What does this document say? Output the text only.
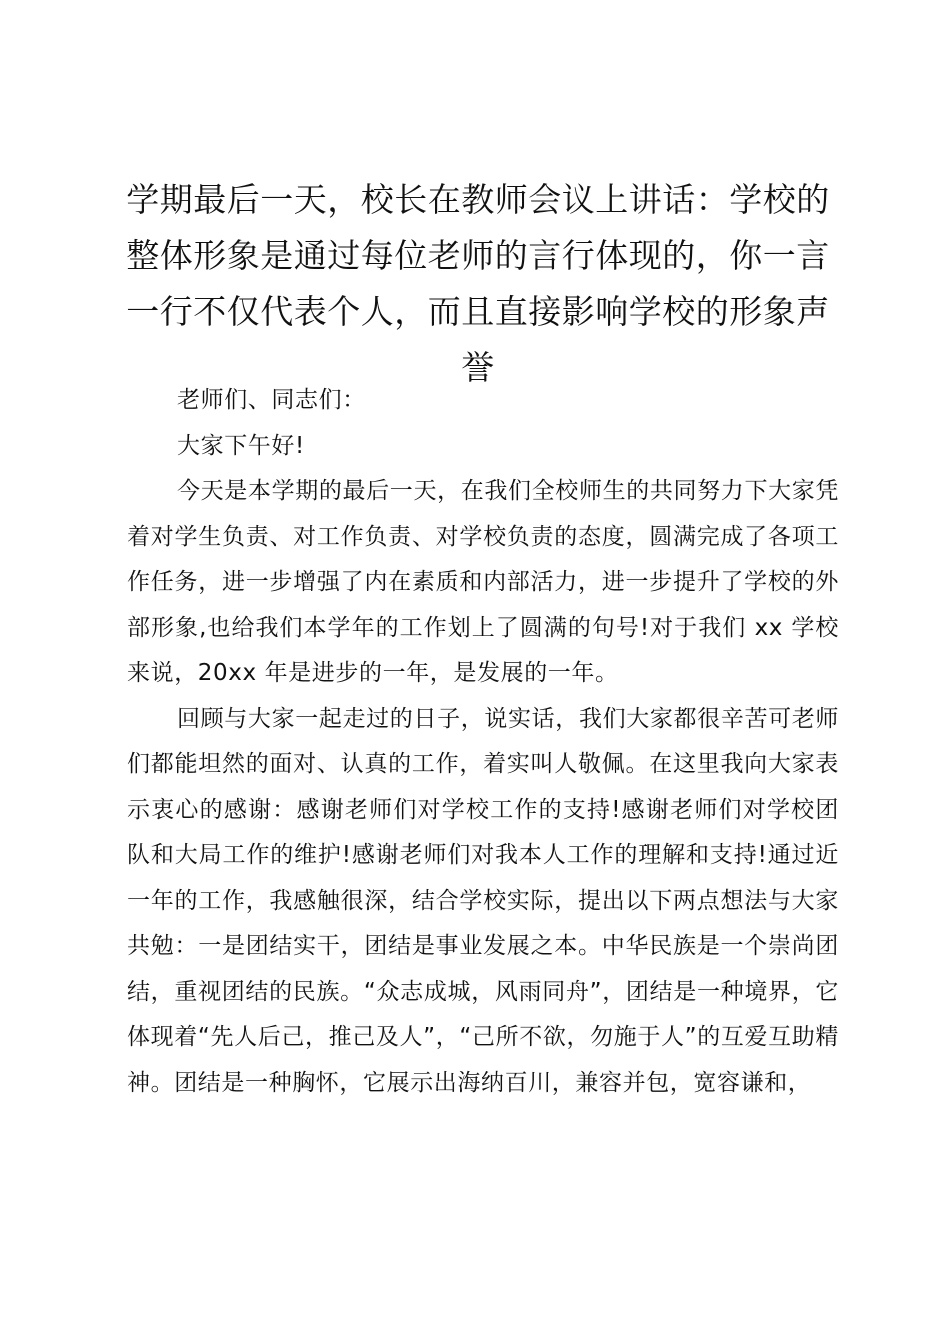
学期最后一天，校长在教师会议上讲话：学校的整体形象是通过每位老师的言行体现的，你一言一行不仅代表个人，而且直接影响学校的形象声誉

老师们、同志们：

大家下午好!

今天是本学期的最后一天，在我们全校师生的共同努力下大家凭着对学生负责、对工作负责、对学校负责的态度，圆满完成了各项工作任务，进一步增强了内在素质和内部活力，进一步提升了学校的外部形象,也给我们本学年的工作划上了圆满的句号!对于我们 xx 学校来说，20xx 年是进步的一年，是发展的一年。

回顾与大家一起走过的日子，说实话，我们大家都很辛苦可老师们都能坦然的面对、认真的工作，着实叫人敬佩。在这里我向大家表示衷心的感谢：感谢老师们对学校工作的支持!感谢老师们对学校团队和大局工作的维护!感谢老师们对我本人工作的理解和支持!通过近一年的工作，我感触很深，结合学校实际，提出以下两点想法与大家共勉：一是团结实干，团结是事业发展之本。中华民族是一个崇尚团结，重视团结的民族。“众志成城，风雨同舟”，团结是一种境界，它体现着“先人后己，推己及人”，“己所不欲，勿施于人”的互爱互助精神。团结是一种胸怀，它展示出海纳百川，兼容并包，宽容谦和，
